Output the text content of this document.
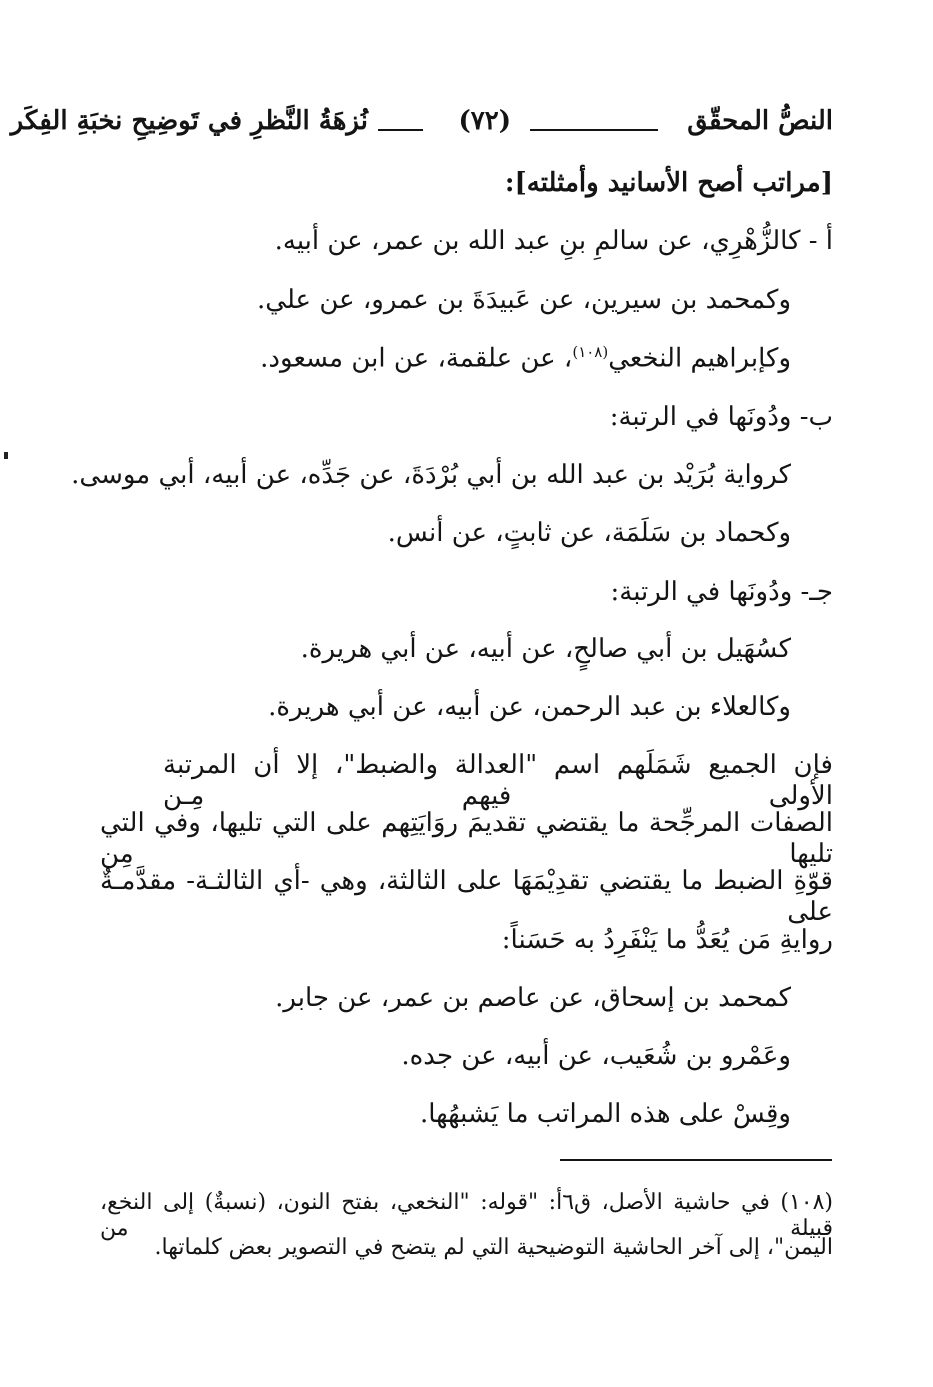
النصُّ المحقّق
(٧٢)
نُزهَةُ النَّظرِ في تَوضِيحِ نخبَةِ الفِكَر
[مراتب أصح الأسانيد وأمثلته]:
أ - كالزُّهْرِي، عن سالمِ بنِ عبد الله بن عمر، عن أبيه.
وكمحمد بن سيرين، عن عَبيدَةَ بن عمرو، عن علي.
وكإبراهيم النخعي$^{(١٠٨)}$، عن علقمة، عن ابن مسعود.
ب- ودُونَها في الرتبة:
كرواية بُرَيْد بن عبد الله بن أبي بُرْدَةَ، عن جَدِّه، عن أبيه، أبي موسى.
وكحماد بن سَلَمَة، عن ثابتٍ، عن أنس.
جـ- ودُونَها في الرتبة:
كسُهَيل بن أبي صالحٍ، عن أبيه، عن أبي هريرة.
وكالعلاء بن عبد الرحمن، عن أبيه، عن أبي هريرة.
فإن الجميع شَمَلَهم اسم "العدالة والضبط"، إلا أن المرتبة الأولى فيهم مِـن
الصفات المرجِّحة ما يقتضي تقديمَ روَايَتِهم على التي تليها، وفي التي تليها مِن
قوّةِ الضبط ما يقتضي تقدِيْمَهَا على الثالثة، وهي -أي الثالثـة- مقدَّمـةٌ على
روايةِ مَن يُعَدُّ ما يَنْفَرِدُ به حَسَناً:
كمحمد بن إسحاق، عن عاصم بن عمر، عن جابر.
وعَمْرو بن شُعَيب، عن أبيه، عن جده.
وقِسْ على هذه المراتب ما يَشبهُها.
(١٠٨) في حاشية الأصل، ق٦أ: "قوله: "النخعي، بفتح النون، (نسبةٌ) إلى النخع، قبيلة من
اليمن"، إلى آخر الحاشية التوضيحية التي لم يتضح في التصوير بعض كلماتها.
